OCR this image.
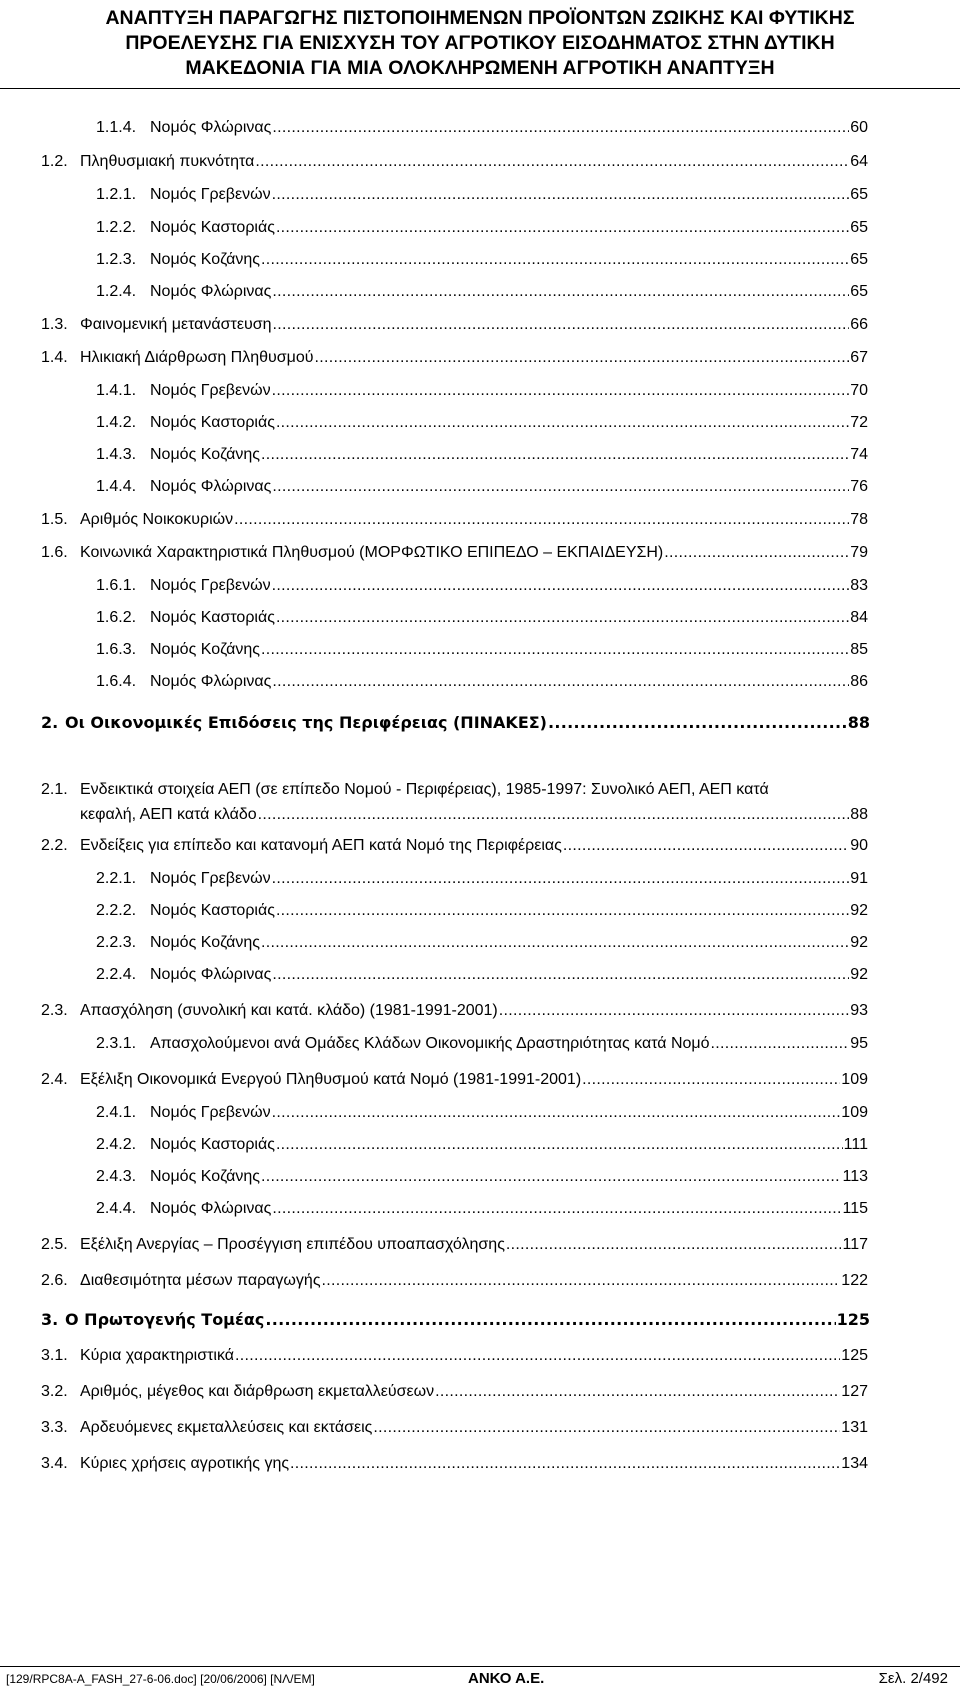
ΑΝΑΠΤΥΞΗ ΠΑΡΑΓΩΓΗΣ ΠΙΣΤΟΠΟΙΗΜΕΝΩΝ ΠΡΟΪΟΝΤΩΝ ΖΩΙΚΗΣ ΚΑΙ ΦΥΤΙΚΗΣ
ΠΡΟΕΛΕΥΣΗΣ ΓΙΑ ΕΝΙΣΧΥΣΗ ΤΟΥ ΑΓΡΟΤΙΚΟΥ ΕΙΣΟΔΗΜΑΤΟΣ ΣΤΗΝ ΔΥΤΙΚΗ
ΜΑΚΕΔΟΝΙΑ ΓΙΑ ΜΙΑ ΟΛΟΚΛΗΡΩΜΕΝΗ ΑΓΡΟΤΙΚΗ ΑΝΑΠΤΥΞΗ
1.1.4. Νομός Φλώρινας .....	60
1.2. Πληθυσμιακή πυκνότητα .....	64
1.2.1. Νομός Γρεβενών .....	65
1.2.2. Νομός Καστοριάς .....	65
1.2.3. Νομός Κοζάνης .....	65
1.2.4. Νομός Φλώρινας .....	65
1.3. Φαινομενική μετανάστευση .....	66
1.4. Ηλικιακή Διάρθρωση Πληθυσμού .....	67
1.4.1. Νομός Γρεβενών .....	70
1.4.2. Νομός Καστοριάς .....	72
1.4.3. Νομός Κοζάνης .....	74
1.4.4. Νομός Φλώρινας .....	76
1.5. Αριθμός Νοικοκυριών .....	78
1.6. Κοινωνικά Χαρακτηριστικά Πληθυσμού (ΜΟΡΦΩΤΙΚΟ ΕΠΙΠΕΔΟ – ΕΚΠΑΙΔΕΥΣΗ) .....	79
1.6.1. Νομός Γρεβενών .....	83
1.6.2. Νομός Καστοριάς .....	84
1.6.3. Νομός Κοζάνης .....	85
1.6.4. Νομός Φλώρινας .....	86
2. Οι Οικονομικές Επιδόσεις της Περιφέρειας (ΠΙΝΑΚΕΣ) .....	88
2.1. Ενδεικτικά στοιχεία ΑΕΠ (σε επίπεδο Νομού - Περιφέρειας), 1985-1997: Συνολικό ΑΕΠ, ΑΕΠ κατά
κεφαλή, ΑΕΠ κατά κλάδο .....	88
2.2. Ενδείξεις για επίπεδο και κατανομή ΑΕΠ κατά Νομό της Περιφέρειας .....	90
2.2.1. Νομός Γρεβενών .....	91
2.2.2. Νομός Καστοριάς .....	92
2.2.3. Νομός Κοζάνης .....	92
2.2.4. Νομός Φλώρινας .....	92
2.3. Απασχόληση (συνολική και κατά. κλάδο) (1981-1991-2001) .....	93
2.3.1. Απασχολούμενοι ανά Ομάδες Κλάδων Οικονομικής Δραστηριότητας κατά Νομό .....	95
2.4. Εξέλιξη Οικονομικά Ενεργού Πληθυσμού κατά Νομό (1981-1991-2001) .....	109
2.4.1. Νομός Γρεβενών .....	109
2.4.2. Νομός Καστοριάς .....	111
2.4.3. Νομός Κοζάνης .....	113
2.4.4. Νομός Φλώρινας .....	115
2.5. Εξέλιξη Ανεργίας – Προσέγγιση επιπέδου υποαπασχόλησης .....	117
2.6. Διαθεσιμότητα μέσων παραγωγής .....	122
3. Ο Πρωτογενής Τομέας .....	125
3.1. Κύρια χαρακτηριστικά .....	125
3.2. Αριθμός, μέγεθος και διάρθρωση εκμεταλλεύσεων .....	127
3.3. Αρδευόμενες εκμεταλλεύσεις και εκτάσεις .....	131
3.4. Κύριες χρήσεις αγροτικής γης .....	134
[129/RPC8A-A_FASH_27-6-06.doc] [20/06/2006] [ΝΛ/ΕΜ]	ΑΝΚΟ Α.Ε.	Σελ. 2/492
